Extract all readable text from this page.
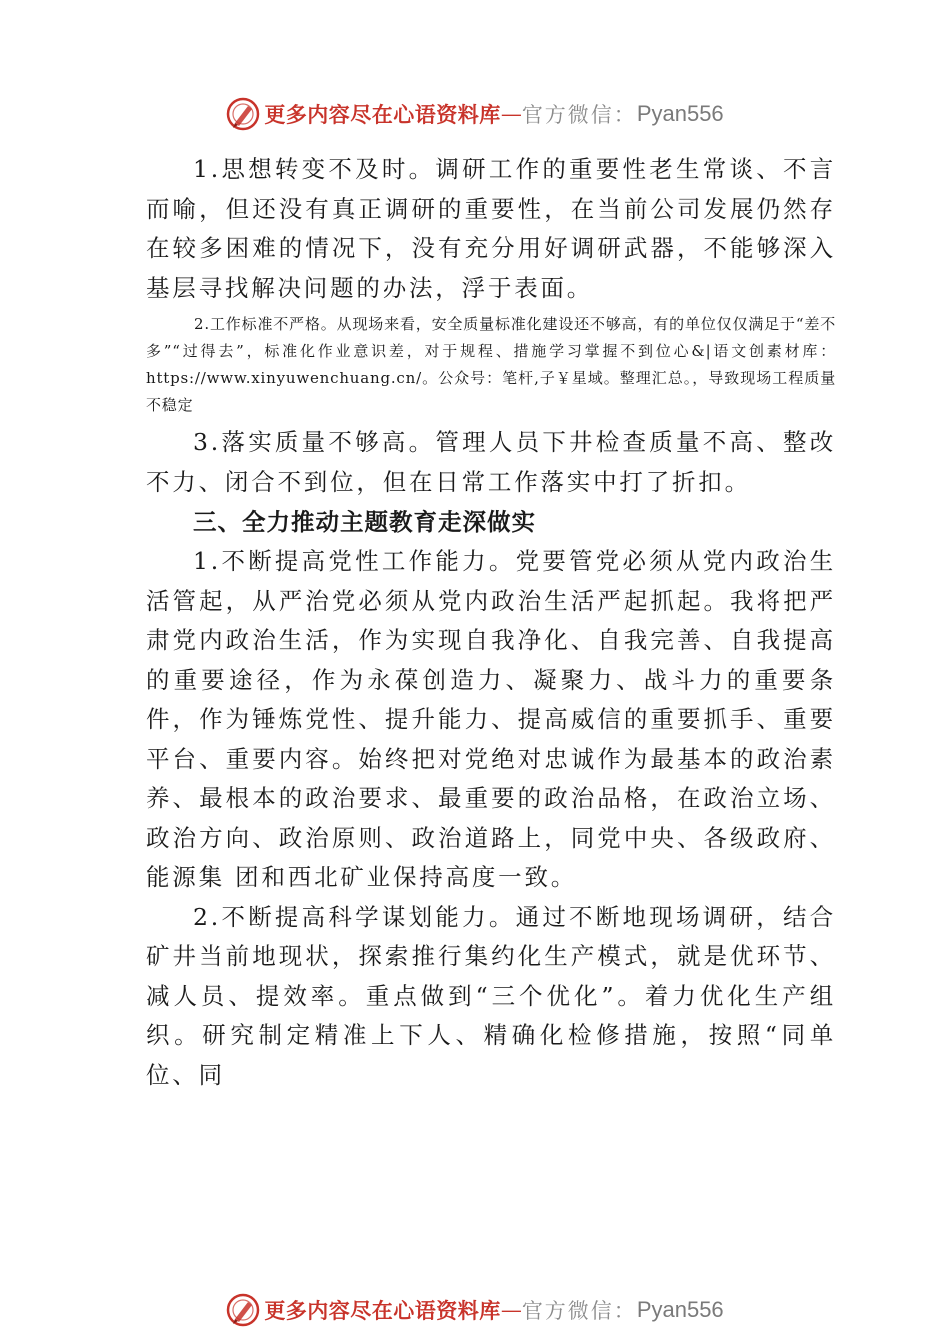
更多内容尽在心语资料库 — 官方微信： Pyan556

1.思想转变不及时。调研工作的重要性老生常谈、不言而喻，但还没有真正调研的重要性，在当前公司发展仍然存在较多困难的情况下，没有充分用好调研武器，不能够深入基层寻找解决问题的办法，浮于表面。

2.工作标准不严格。从现场来看，安全质量标准化建设还不够高，有的单位仅仅满足于“差不多”“过得去”，标准化作业意识差，对于规程、措施学习掌握不到位心&|语文创素材库：https://www.xinyuwenchuang.cn/。公众号：笔杆,子￥星域。整理汇总。，导致现场工程质量不稳定

3.落实质量不够高。管理人员下井检查质量不高、整改不力、闭合不到位，但在日常工作落实中打了折扣。

三、全力推动主题教育走深做实

1.不断提高党性工作能力。党要管党必须从党内政治生活管起，从严治党必须从党内政治生活严起抓起。我将把严肃党内政治生活，作为实现自我净化、自我完善、自我提高的重要途径，作为永葆创造力、凝聚力、战斗力的重要条件，作为锤炼党性、提升能力、提高威信的重要抓手、重要平台、重要内容。始终把对党绝对忠诚作为最基本的政治素养、最根本的政治要求、最重要的政治品格，在政治立场、政治方向、政治原则、政治道路上，同党中央、各级政府、能源集 团和西北矿业保持高度一致。

2.不断提高科学谋划能力。通过不断地现场调研，结合矿井当前地现状，探索推行集约化生产模式，就是优环节、 减人员、提效率。重点做到“三个优化”。着力优化生产组织。研究制定精准上下人、精确化检修措施，按照“同单位、同

更多内容尽在心语资料库 — 官方微信： Pyan556
